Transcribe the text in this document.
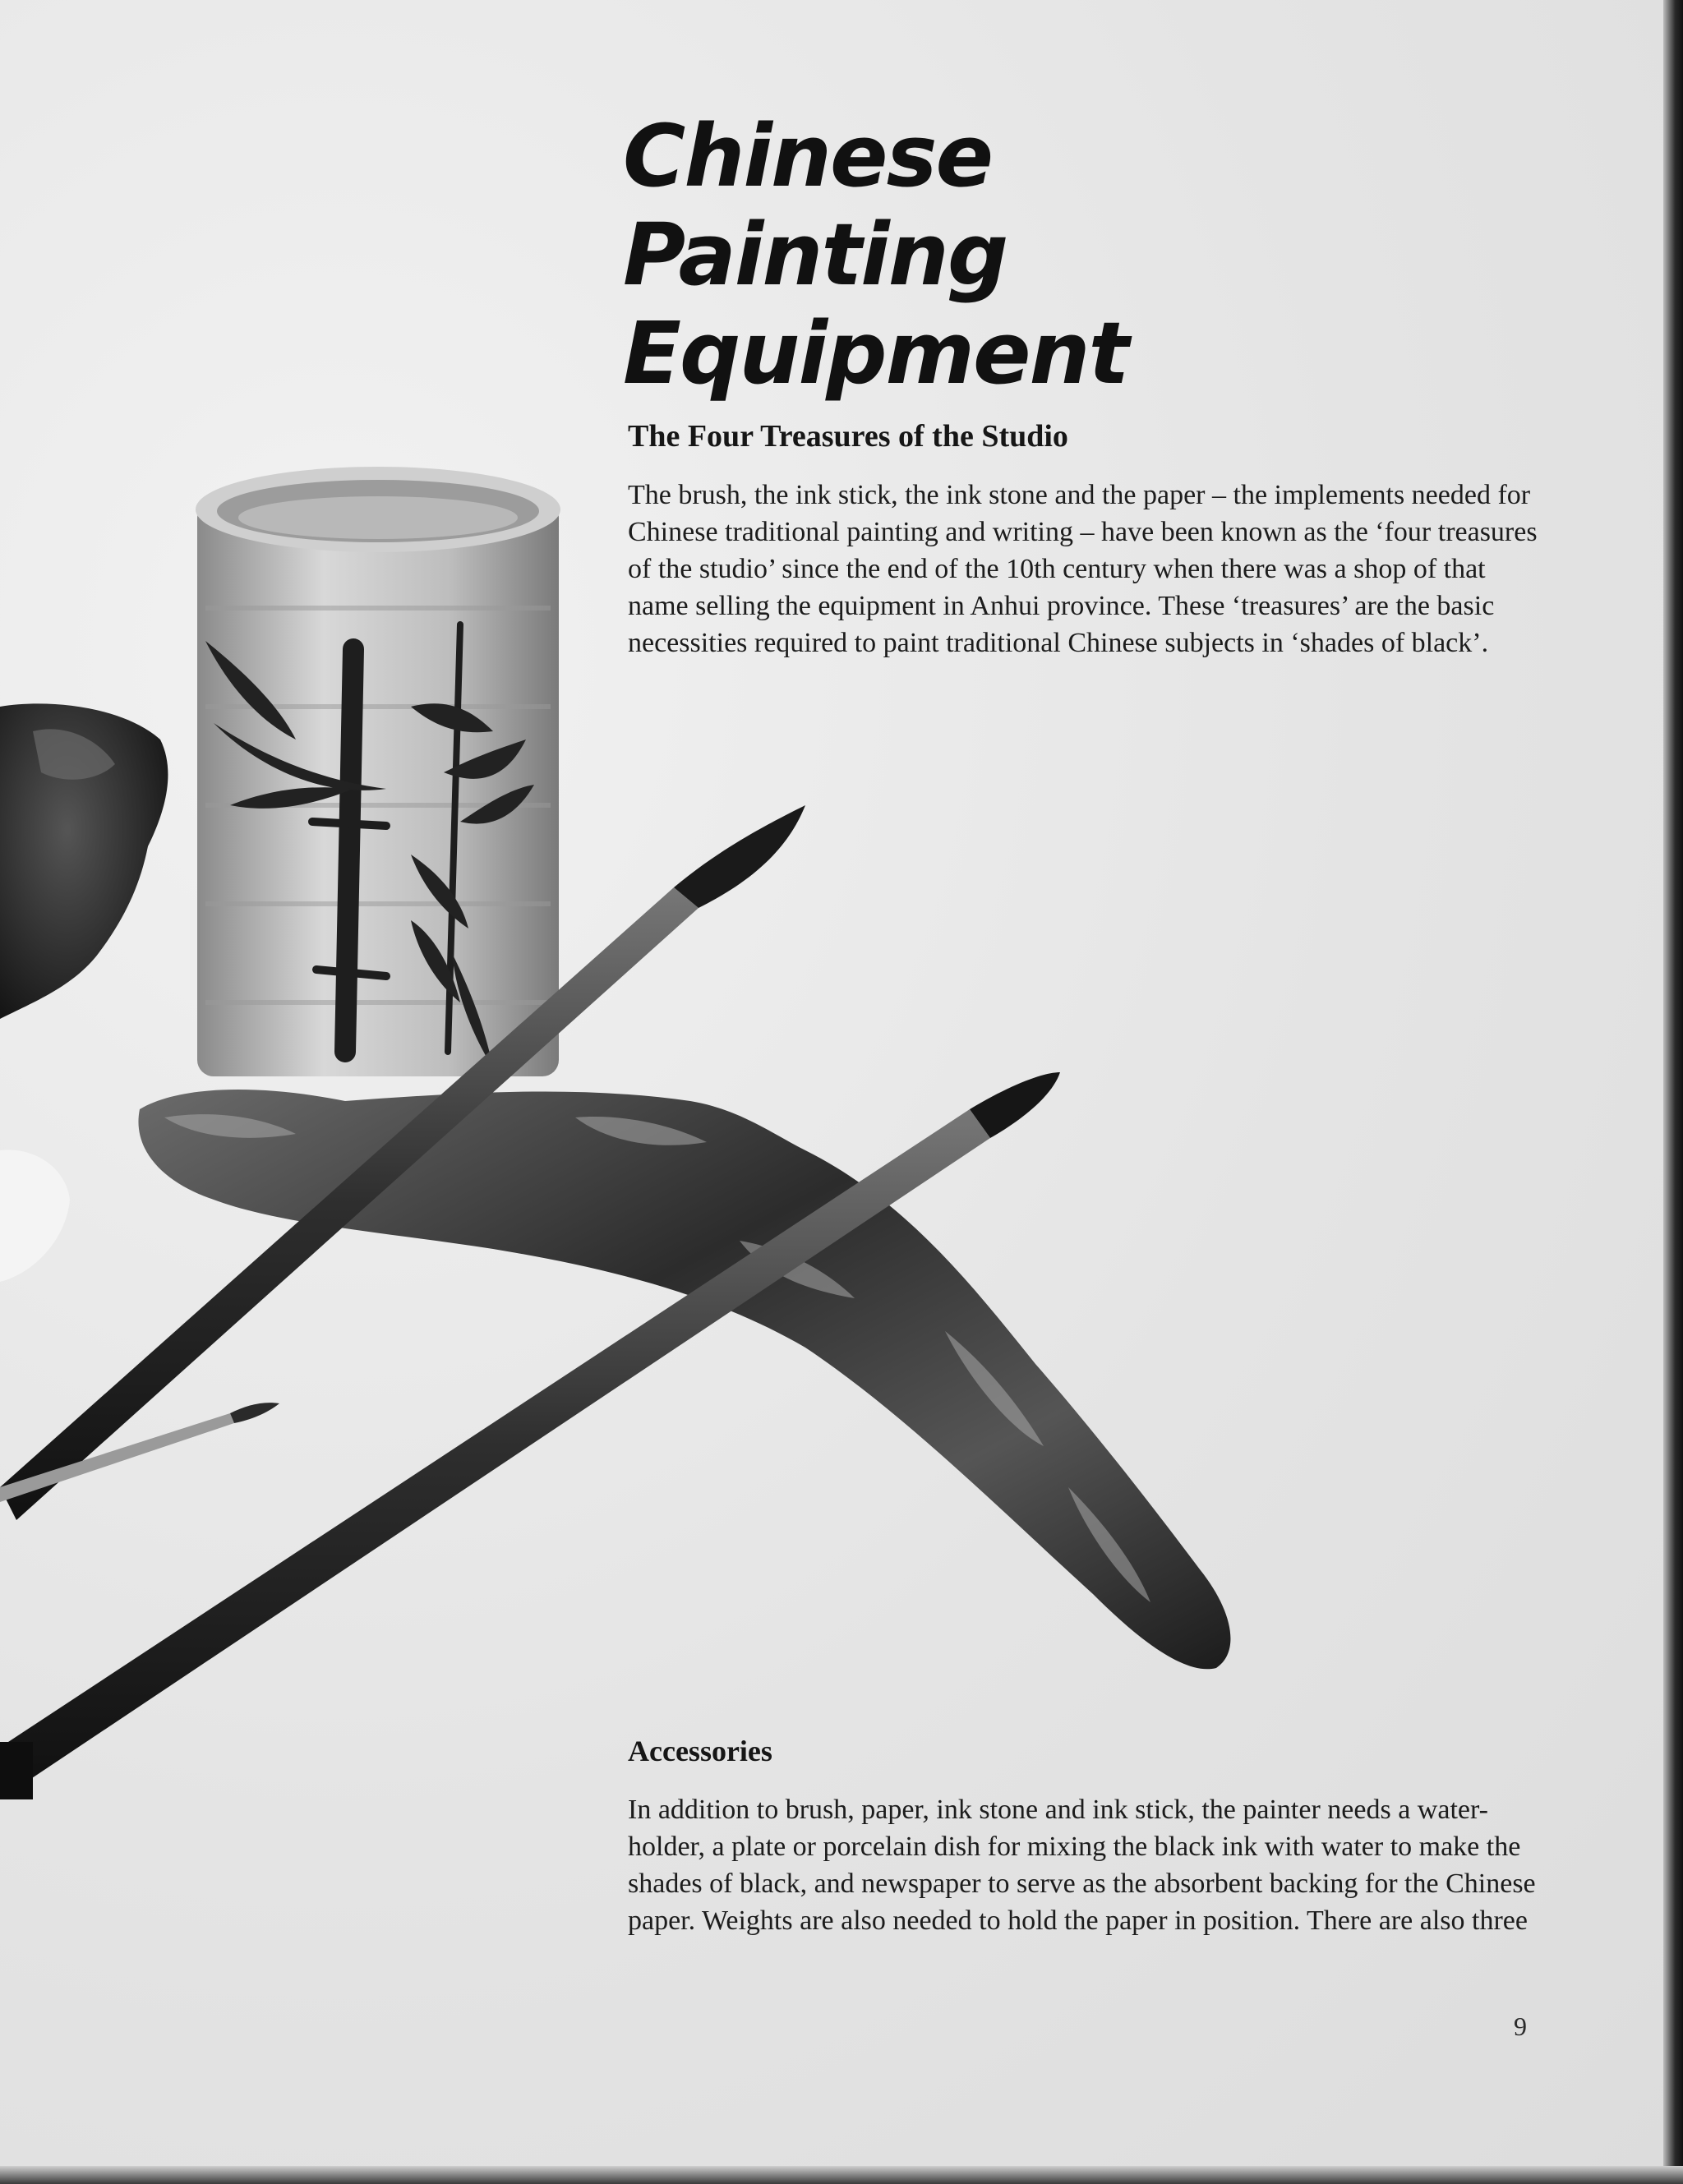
Chinese Painting
Equipment
The Four Treasures of the Studio

The brush, the ink stick, the ink stone and the paper – the implements needed for Chinese traditional painting and writing – have been known as the ‘four treasures of the studio’ since the end of the 10th century when there was a shop of that name selling the equipment in Anhui province. These ‘treasures’ are the basic necessities required to paint traditional Chinese subjects in ‘shades of black’.

Accessories

In addition to brush, paper, ink stone and ink stick, the painter needs a water-holder, a plate or porcelain dish for mixing the black ink with water to make the shades of black, and newspaper to serve as the absorbent backing for the Chinese paper. Weights are also needed to hold the paper in position. There are also three

9
